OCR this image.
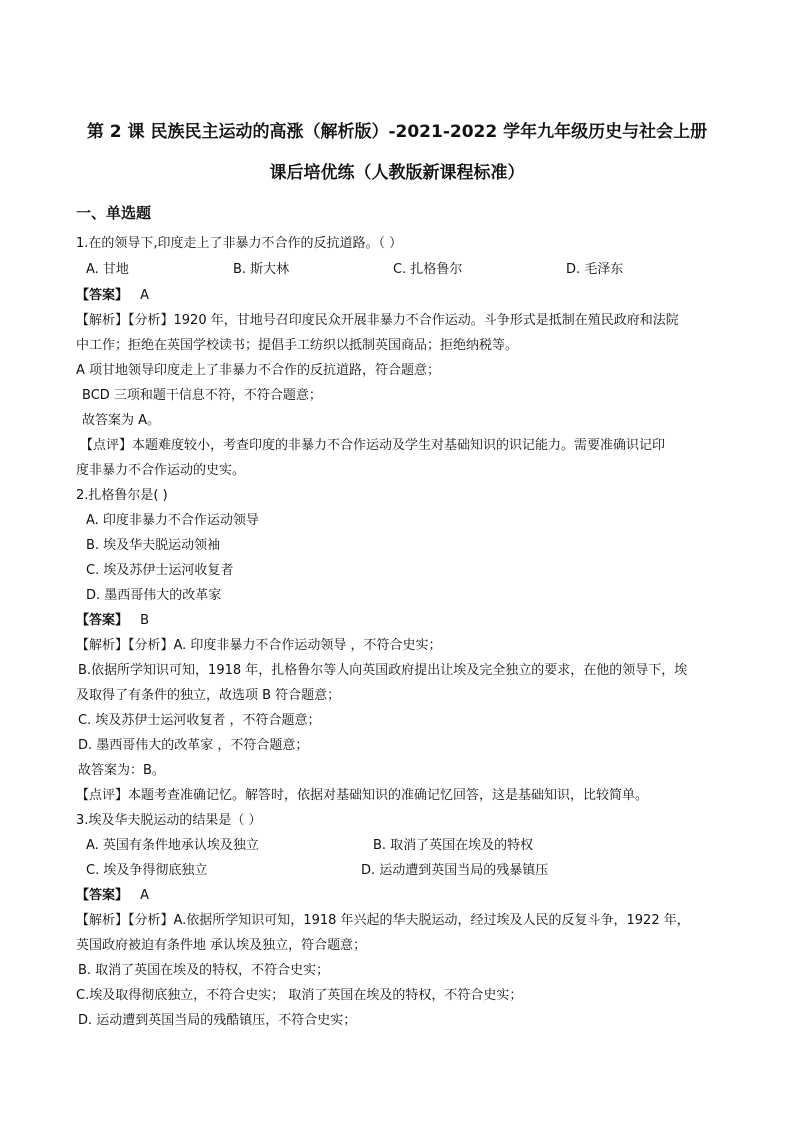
第 2 课 民族民主运动的高涨（解析版）-2021-2022 学年九年级历史与社会上册
课后培优练（人教版新课程标准）
一、单选题
1.在的领导下,印度走上了非暴力不合作的反抗道路。（ ）
A. 甘地	B. 斯大林	C. 扎格鲁尔	D. 毛泽东
【答案】 A
【解析】【分析】1920 年，甘地号召印度民众开展非暴力不合作运动。斗争形式是抵制在殖民政府和法院
中工作；拒绝在英国学校读书；提倡手工纺织以抵制英国商品；拒绝纳税等。
A 项甘地领导印度走上了非暴力不合作的反抗道路，符合题意；
BCD 三项和题干信息不符，不符合题意；
故答案为 A。
【点评】本题难度较小，考查印度的非暴力不合作运动及学生对基础知识的识记能力。需要准确识记印
度非暴力不合作运动的史实。
2.扎格鲁尔是( )
A. 印度非暴力不合作运动领导
B. 埃及华夫脱运动领袖
C. 埃及苏伊士运河收复者
D. 墨西哥伟大的改革家
【答案】 B
【解析】【分析】A. 印度非暴力不合作运动领导 ，不符合史实；
B.依据所学知识可知，1918 年，扎格鲁尔等人向英国政府提出让埃及完全独立的要求，在他的领导下，埃
及取得了有条件的独立，故选项 B 符合题意；
C. 埃及苏伊士运河收复者 ，不符合题意；
D. 墨西哥伟大的改革家 ，不符合题意；
故答案为：B。
【点评】本题考查准确记忆。解答时，依据对基础知识的准确记忆回答，这是基础知识，比较简单。
3.埃及华夫脱运动的结果是（ ）
A. 英国有条件地承认埃及独立	B. 取消了英国在埃及的特权
C. 埃及争得彻底独立	D. 运动遭到英国当局的残暴镇压
【答案】 A
【解析】【分析】A.依据所学知识可知，1918 年兴起的华夫脱运动，经过埃及人民的反复斗争，1922 年，
英国政府被迫有条件地 承认埃及独立，符合题意；
B. 取消了英国在埃及的特权，不符合史实；
C.埃及取得彻底独立，不符合史实； 取消了英国在埃及的特权，不符合史实；
D. 运动遭到英国当局的残酷镇压，不符合史实；
